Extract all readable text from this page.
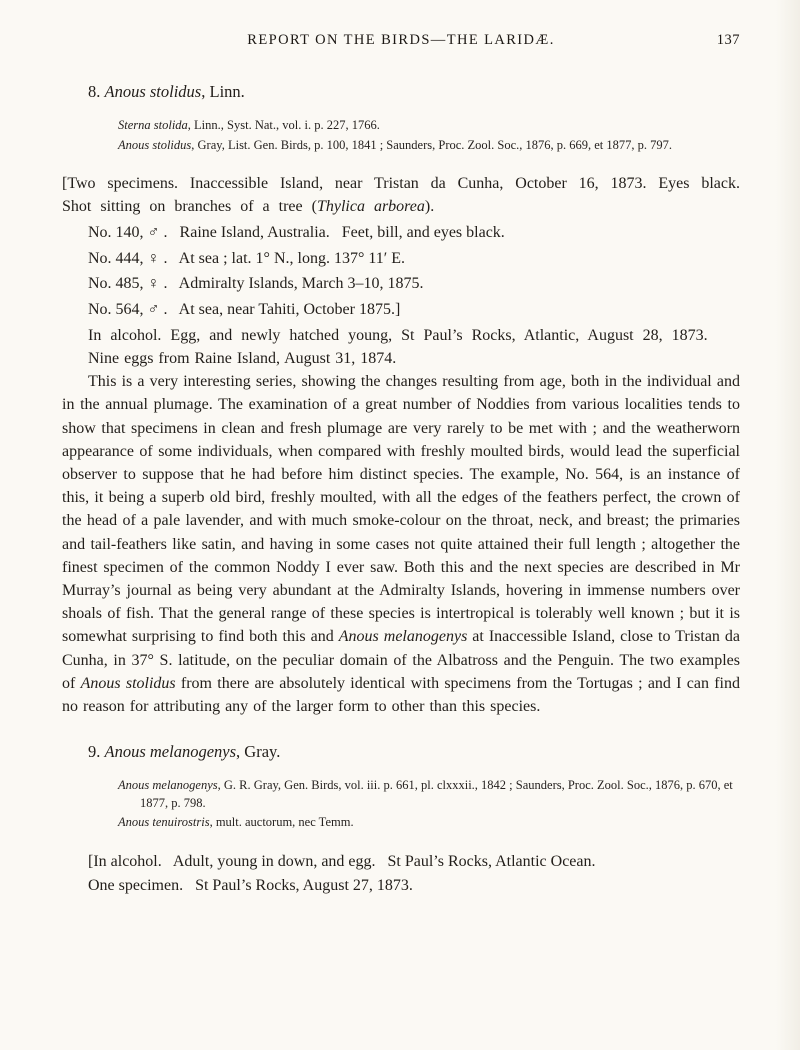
REPORT ON THE BIRDS—THE LARIDÆ.	137
8. Anous stolidus, Linn.

Sterna stolida, Linn., Syst. Nat., vol. i. p. 227, 1766.

Anous stolidus, Gray, List. Gen. Birds, p. 100, 1841 ; Saunders, Proc. Zool. Soc., 1876, p. 669, et 1877, p. 797.

[Two specimens. Inaccessible Island, near Tristan da Cunha, October 16, 1873. Eyes black. Shot sitting on branches of a tree (Thylica arborea).

No. 140, ♂ .   Raine Island, Australia.   Feet, bill, and eyes black.

No. 444, ♀ .   At sea ; lat. 1° N., long. 137° 11′ E.

No. 485, ♀ .   Admiralty Islands, March 3–10, 1875.

No. 564, ♂ .   At sea, near Tahiti, October 1875.]

In alcohol. Egg, and newly hatched young, St Paul’s Rocks, Atlantic, August 28, 1873.

Nine eggs from Raine Island, August 31, 1874.

This is a very interesting series, showing the changes resulting from age, both in the individual and in the annual plumage. The examination of a great number of Noddies from various localities tends to show that specimens in clean and fresh plumage are very rarely to be met with ; and the weatherworn appearance of some individuals, when compared with freshly moulted birds, would lead the superficial observer to suppose that he had before him distinct species. The example, No. 564, is an instance of this, it being a superb old bird, freshly moulted, with all the edges of the feathers perfect, the crown of the head of a pale lavender, and with much smoke-colour on the throat, neck, and breast; the primaries and tail-feathers like satin, and having in some cases not quite attained their full length ; altogether the finest specimen of the common Noddy I ever saw. Both this and the next species are described in Mr Murray’s journal as being very abundant at the Admiralty Islands, hovering in immense numbers over shoals of fish. That the general range of these species is intertropical is tolerably well known ; but it is somewhat surprising to find both this and Anous melanogenys at Inaccessible Island, close to Tristan da Cunha, in 37° S. latitude, on the peculiar domain of the Albatross and the Penguin. The two examples of Anous stolidus from there are absolutely identical with specimens from the Tortugas ; and I can find no reason for attributing any of the larger form to other than this species.

9. Anous melanogenys, Gray.

Anous melanogenys, G. R. Gray, Gen. Birds, vol. iii. p. 661, pl. clxxxii., 1842 ; Saunders, Proc. Zool. Soc., 1876, p. 670, et 1877, p. 798.

Anous tenuirostris, mult. auctorum, nec Temm.

[In alcohol.   Adult, young in down, and egg.   St Paul’s Rocks, Atlantic Ocean.

One specimen.   St Paul’s Rocks, August 27, 1873.
